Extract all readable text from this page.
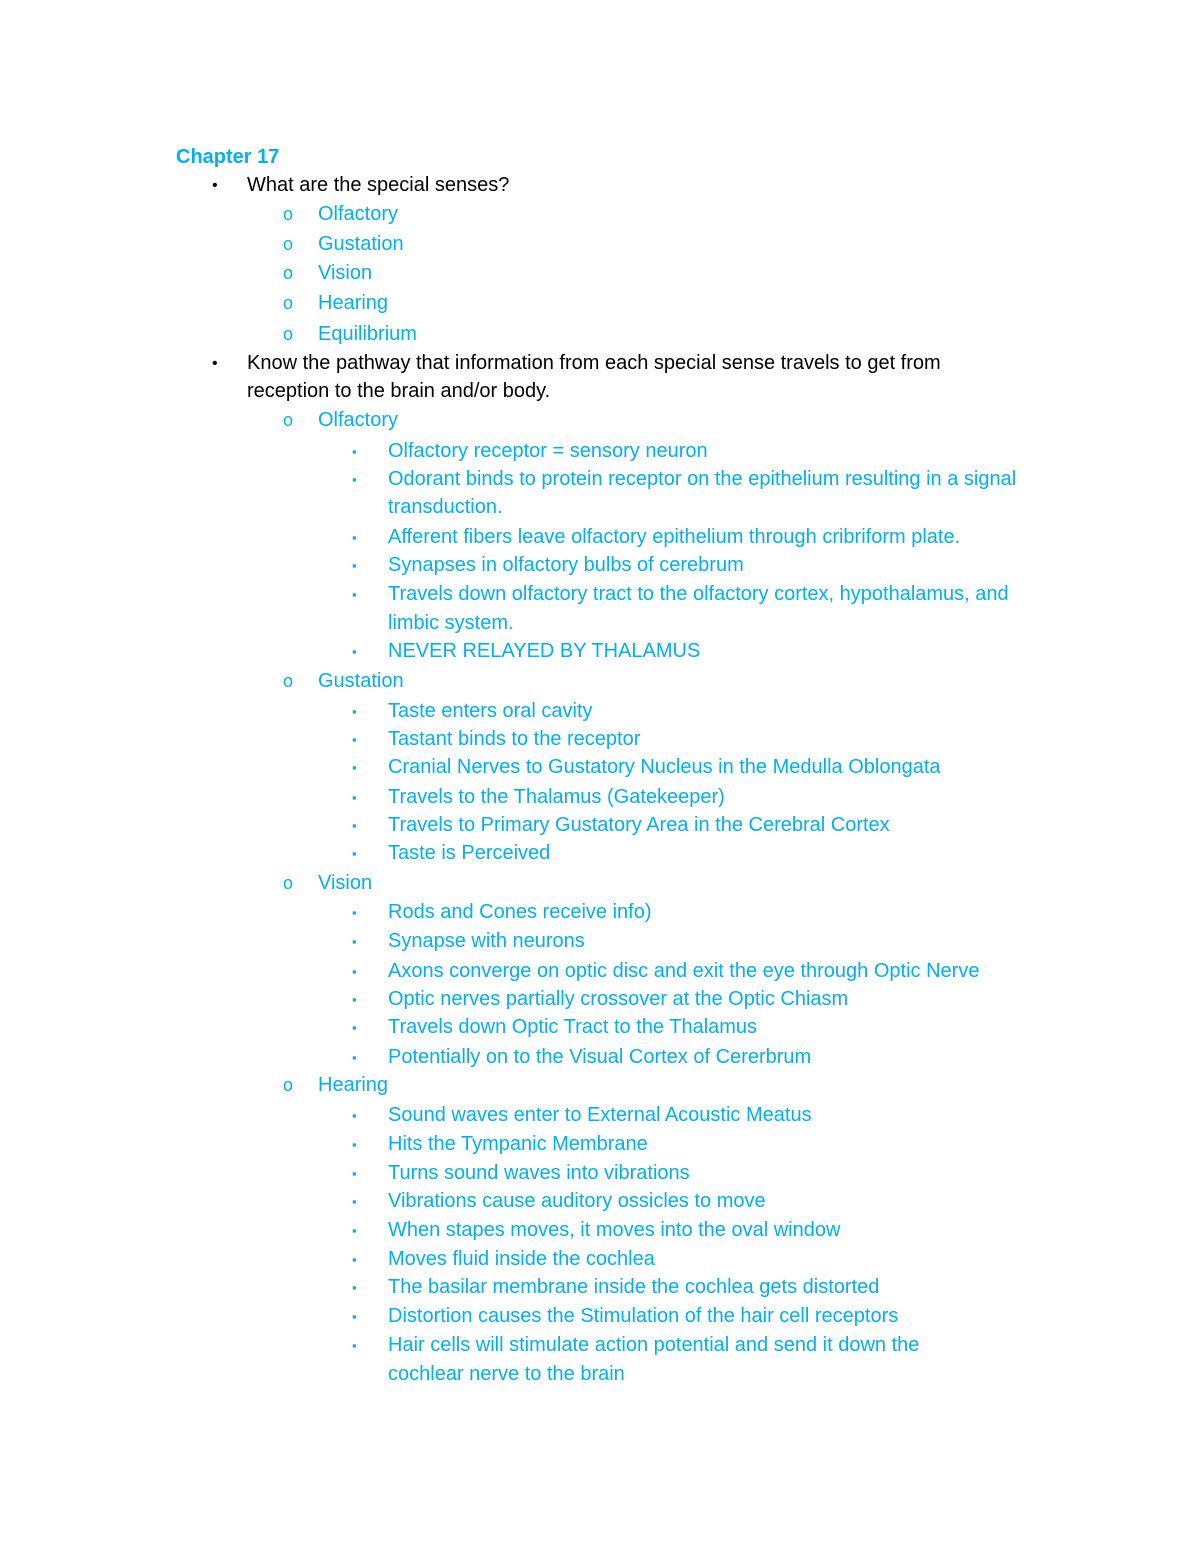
Chapter 17
• What are the special senses?

o Olfactory

o Gustation

o Vision

o Hearing

o Equilibrium

• Know the pathway that information from each special sense travels to get from reception to the brain and/or body.

o Olfactory

▪ Olfactory receptor = sensory neuron

▪ Odorant binds to protein receptor on the epithelium resulting in a signal transduction.

▪ Afferent fibers leave olfactory epithelium through cribriform plate.

▪ Synapses in olfactory bulbs of cerebrum

▪ Travels down olfactory tract to the olfactory cortex, hypothalamus, and limbic system.

▪ NEVER RELAYED BY THALAMUS

o Gustation

▪ Taste enters oral cavity

▪ Tastant binds to the receptor

▪ Cranial Nerves to Gustatory Nucleus in the Medulla Oblongata

▪ Travels to the Thalamus (Gatekeeper)

▪ Travels to Primary Gustatory Area in the Cerebral Cortex

▪ Taste is Perceived

o Vision

▪ Rods and Cones receive info)

▪ Synapse with neurons

▪ Axons converge on optic disc and exit the eye through Optic Nerve

▪ Optic nerves partially crossover at the Optic Chiasm

▪ Travels down Optic Tract to the Thalamus

▪ Potentially on to the Visual Cortex of Cererbrum

o Hearing

▪ Sound waves enter to External Acoustic Meatus

▪ Hits the Tympanic Membrane

▪ Turns sound waves into vibrations

▪ Vibrations cause auditory ossicles to move

▪ When stapes moves, it moves into the oval window

▪ Moves fluid inside the cochlea

▪ The basilar membrane inside the cochlea gets distorted

▪ Distortion causes the Stimulation of the hair cell receptors

▪ Hair cells will stimulate action potential and send it down the cochlear nerve to the brain
